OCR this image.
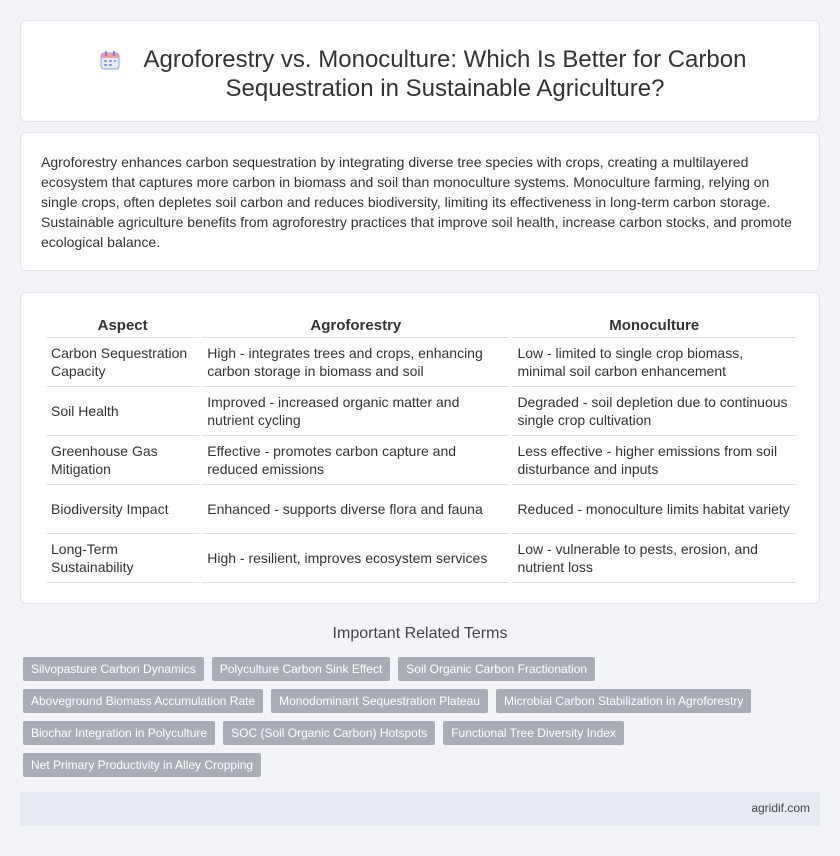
Agroforestry vs. Monoculture: Which Is Better for Carbon Sequestration in Sustainable Agriculture?

Agroforestry enhances carbon sequestration by integrating diverse tree species with crops, creating a multilayered ecosystem that captures more carbon in biomass and soil than monoculture systems. Monoculture farming, relying on single crops, often depletes soil carbon and reduces biodiversity, limiting its effectiveness in long-term carbon storage. Sustainable agriculture benefits from agroforestry practices that improve soil health, increase carbon stocks, and promote ecological balance.

Aspect	Agroforestry	Monoculture
Carbon Sequestration Capacity	High - integrates trees and crops, enhancing carbon storage in biomass and soil	Low - limited to single crop biomass, minimal soil carbon enhancement
Soil Health	Improved - increased organic matter and nutrient cycling	Degraded - soil depletion due to continuous single crop cultivation
Greenhouse Gas Mitigation	Effective - promotes carbon capture and reduced emissions	Less effective - higher emissions from soil disturbance and inputs
Biodiversity Impact	Enhanced - supports diverse flora and fauna	Reduced - monoculture limits habitat variety
Long-Term Sustainability	High - resilient, improves ecosystem services	Low - vulnerable to pests, erosion, and nutrient loss
Important Related Terms
Silvopasture Carbon Dynamics	Polyculture Carbon Sink Effect	Soil Organic Carbon Fractionation
Aboveground Biomass Accumulation Rate	Monodominant Sequestration Plateau	Microbial Carbon Stabilization in Agroforestry
Biochar Integration in Polyculture	SOC (Soil Organic Carbon) Hotspots	Functional Tree Diversity Index
Net Primary Productivity in Alley Cropping
agridif.com
